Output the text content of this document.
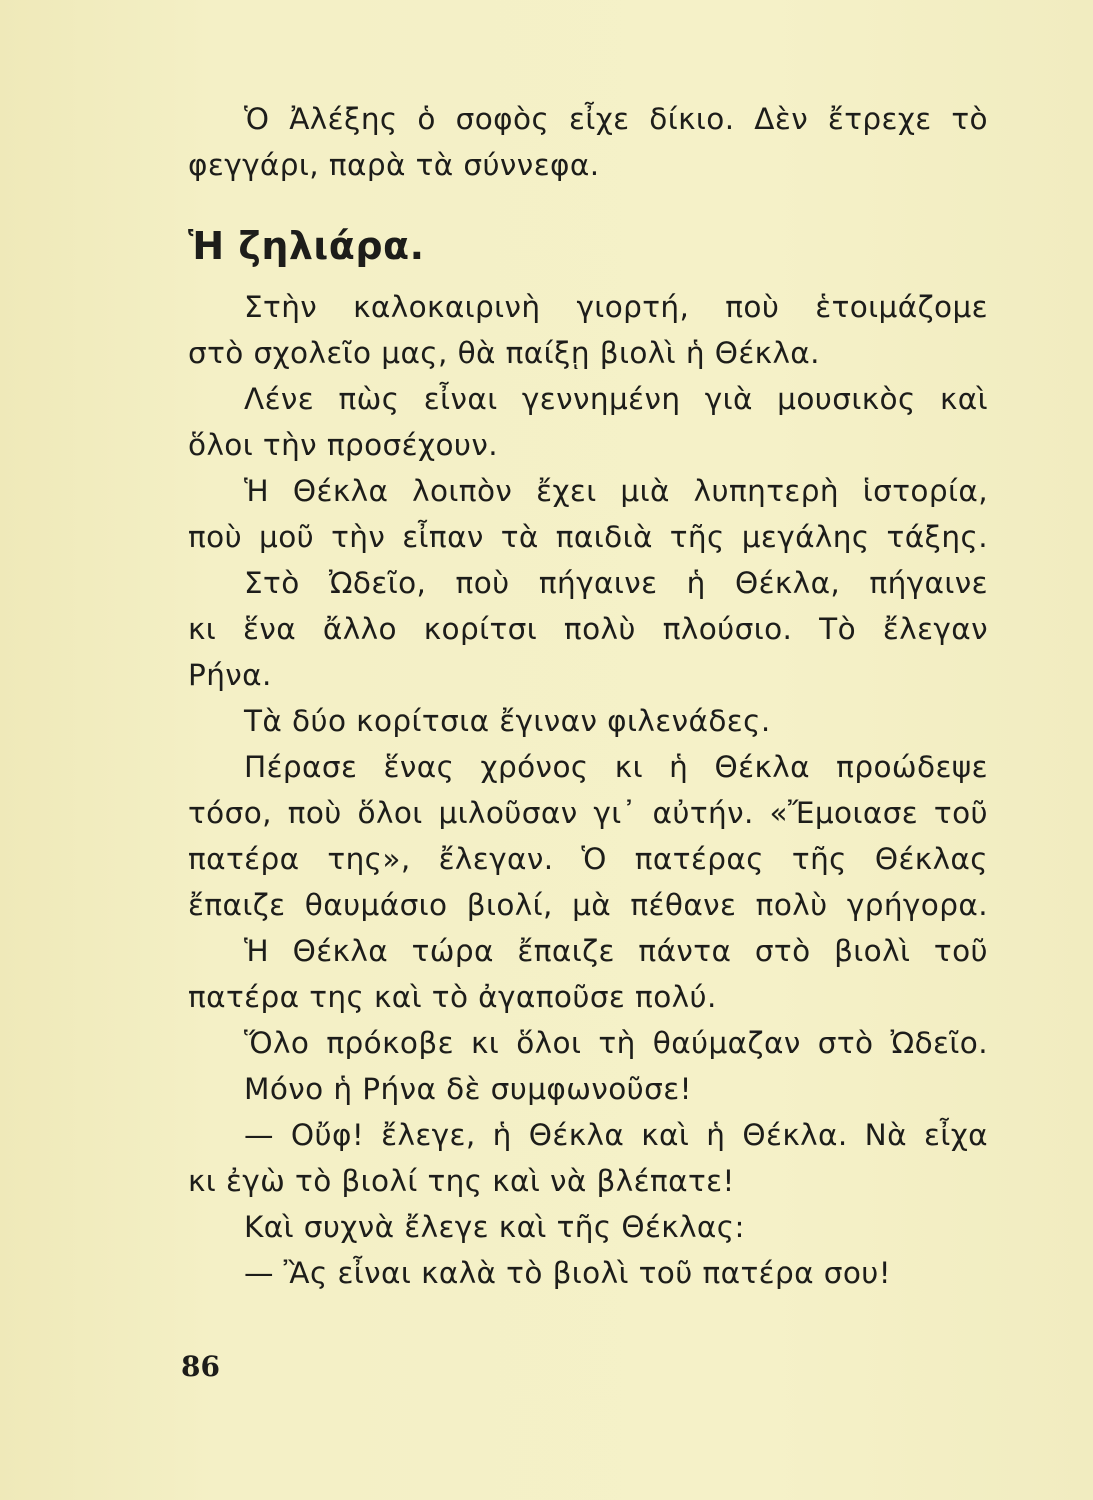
Ὁ Ἀλέξης ὁ σοφὸς εἶχε δίκιο. Δὲν ἔτρεχε τὸ
φεγγάρι, παρὰ τὰ σύννεφα.
Ἡ ζηλιάρα.
Στὴν καλοκαιρινὴ γιορτή, ποὺ ἑτοιμάζομε
στὸ σχολεῖο μας, θὰ παίξῃ βιολὶ ἡ Θέκλα.
Λένε πὼς εἶναι γεννημένη γιὰ μουσικὸς καὶ
ὅλοι τὴν προσέχουν.
Ἡ Θέκλα λοιπὸν ἔχει μιὰ λυπητερὴ ἱστορία,
ποὺ μοῦ τὴν εἶπαν τὰ παιδιὰ τῆς μεγάλης τάξης.
Στὸ Ὠδεῖο, ποὺ πήγαινε ἡ Θέκλα, πήγαινε
κι ἕνα ἄλλο κορίτσι πολὺ πλούσιο. Τὸ ἔλεγαν
Ρήνα.
Τὰ δύο κορίτσια ἔγιναν φιλενάδες.
Πέρασε ἕνας χρόνος κι ἡ Θέκλα προώδεψε
τόσο, ποὺ ὅλοι μιλοῦσαν γι᾽ αὐτήν. «Ἔμοιασε τοῦ
πατέρα της», ἔλεγαν. Ὁ πατέρας τῆς Θέκλας
ἔπαιζε θαυμάσιο βιολί, μὰ πέθανε πολὺ γρήγορα.
Ἡ Θέκλα τώρα ἔπαιζε πάντα στὸ βιολὶ τοῦ
πατέρα της καὶ τὸ ἀγαποῦσε πολύ.
Ὅλο πρόκοβε κι ὅλοι τὴ θαύμαζαν στὸ Ὠδεῖο.
Μόνο ἡ Ρήνα δὲ συμφωνοῦσε!
— Οὔφ! ἔλεγε, ἡ Θέκλα καὶ ἡ Θέκλα. Νὰ εἶχα
κι ἐγὼ τὸ βιολί της καὶ νὰ βλέπατε!
Καὶ συχνὰ ἔλεγε καὶ τῆς Θέκλας:
— Ἂς εἶναι καλὰ τὸ βιολὶ τοῦ πατέρα σου!
86
